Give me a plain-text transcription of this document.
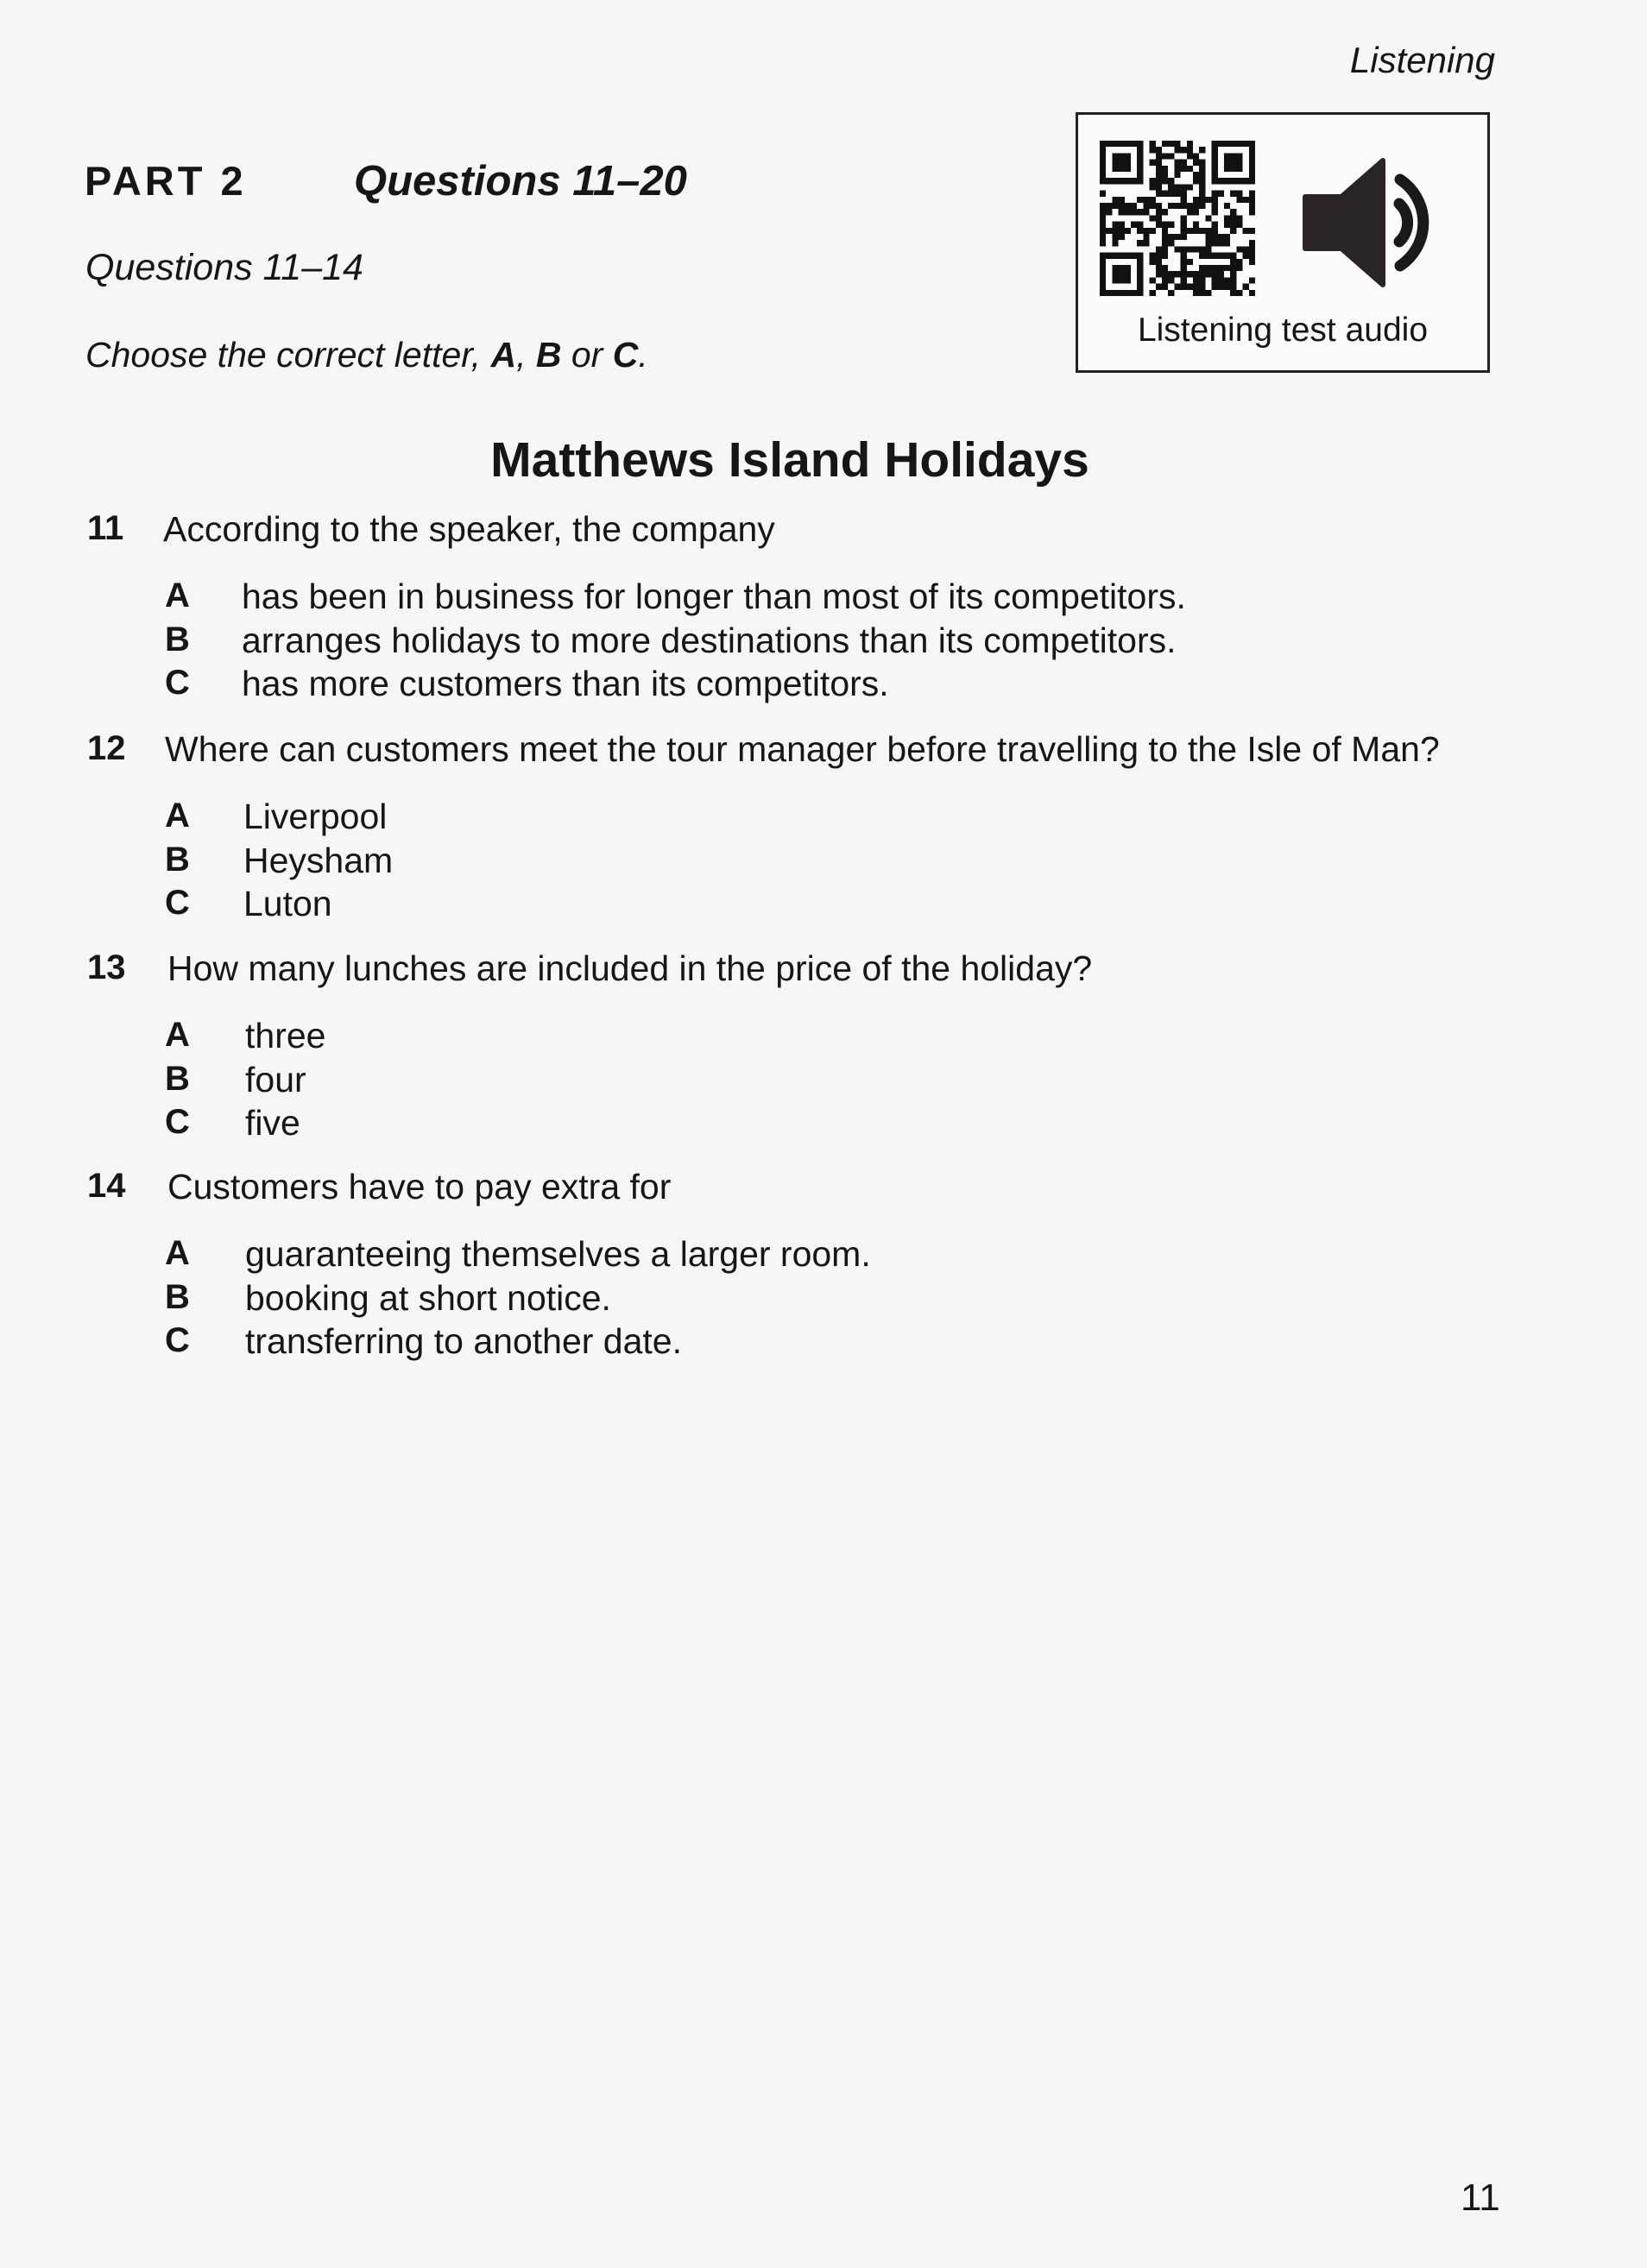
Listening
PART 2	Questions 11–20
Questions 11–14
Choose the correct letter, A, B or C.
Listening test audio
Matthews Island Holidays
11 According to the speaker, the company
A has been in business for longer than most of its competitors.
B arranges holidays to more destinations than its competitors.
C has more customers than its competitors.
12 Where can customers meet the tour manager before travelling to the Isle of Man?
A Liverpool
B Heysham
C Luton
13 How many lunches are included in the price of the holiday?
A three
B four
C five
14 Customers have to pay extra for
A guaranteeing themselves a larger room.
B booking at short notice.
C transferring to another date.
11
